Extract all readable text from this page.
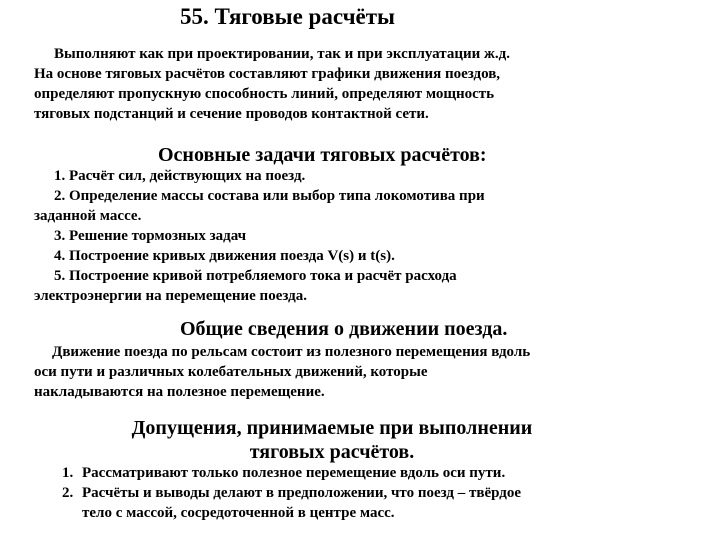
55. Тяговые расчёты
Выполняют как при проектировании, так и при эксплуатации ж.д.
На основе тяговых расчётов составляют графики движения поездов,
определяют пропускную способность линий, определяют мощность
тяговых подстанций и сечение проводов контактной сети.
Основные задачи тяговых расчётов:
1. Расчёт сил, действующих на поезд.
2. Определение массы состава или выбор типа локомотива при
заданной массе.
3. Решение тормозных задач
4. Построение кривых движения поезда V(s) и t(s).
5. Построение кривой потребляемого тока и расчёт расхода
электроэнергии на перемещение поезда.
Общие сведения о движении поезда.
Движение поезда по рельсам состоит из полезного перемещения вдоль
оси пути и различных колебательных движений, которые
накладываются на полезное перемещение.
Допущения, принимаемые при выполнении
тяговых расчётов.
1. Рассматривают только полезное перемещение вдоль оси пути.
2. Расчёты и выводы делают в предположении, что поезд – твёрдое
тело с массой, сосредоточенной в центре масс.
